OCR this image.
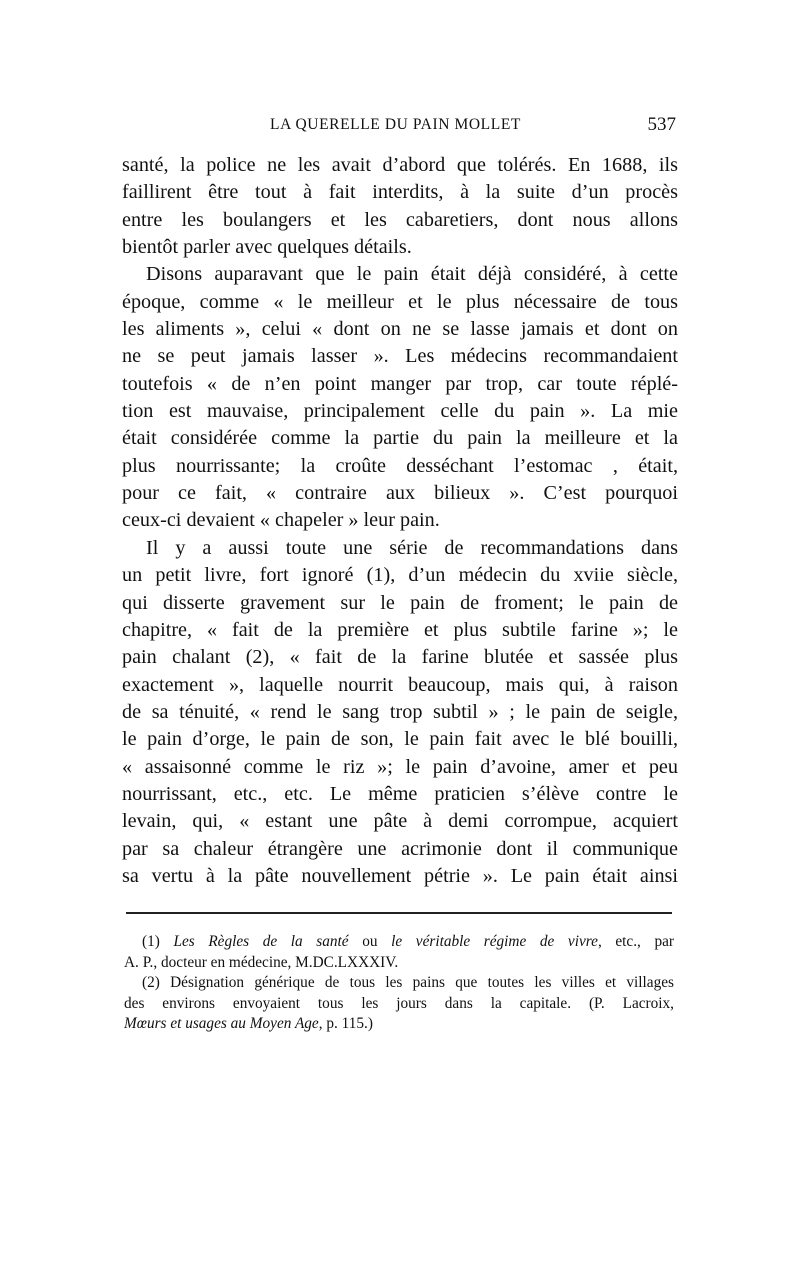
LA QUERELLE DU PAIN MOLLET	537
santé, la police ne les avait d’abord que tolérés. En 1688, ils
faillirent être tout à fait interdits, à la suite d’un procès
entre les boulangers et les cabaretiers, dont nous allons
bientôt parler avec quelques détails.
Disons auparavant que le pain était déjà considéré, à cette
époque, comme « le meilleur et le plus nécessaire de tous
les aliments », celui « dont on ne se lasse jamais et dont on
ne se peut jamais lasser ». Les médecins recommandaient
toutefois « de n’en point manger par trop, car toute réplé-
tion est mauvaise, principalement celle du pain ». La mie
était considérée comme la partie du pain la meilleure et la
plus nourrissante; la croûte desséchant l’estomac , était,
pour ce fait, « contraire aux bilieux ». C’est pourquoi
ceux-ci devaient « chapeler » leur pain.
Il y a aussi toute une série de recommandations dans
un petit livre, fort ignoré (1), d’un médecin du xviie siècle,
qui disserte gravement sur le pain de froment; le pain de
chapitre, « fait de la première et plus subtile farine »; le
pain chalant (2), « fait de la farine blutée et sassée plus
exactement », laquelle nourrit beaucoup, mais qui, à raison
de sa ténuité, « rend le sang trop subtil » ; le pain de seigle,
le pain d’orge, le pain de son, le pain fait avec le blé bouilli,
« assaisonné comme le riz »; le pain d’avoine, amer et peu
nourrissant, etc., etc. Le même praticien s’élève contre le
levain, qui, « estant une pâte à demi corrompue, acquiert
par sa chaleur étrangère une acrimonie dont il communique
sa vertu à la pâte nouvellement pétrie ». Le pain était ainsi
(1) Les Règles de la santé ou le véritable régime de vivre, etc., par
A. P., docteur en médecine, M.DC.LXXXIV.
(2) Désignation générique de tous les pains que toutes les villes et villages
des environs envoyaient tous les jours dans la capitale. (P. Lacroix,
Mœurs et usages au Moyen Age, p. 115.)
